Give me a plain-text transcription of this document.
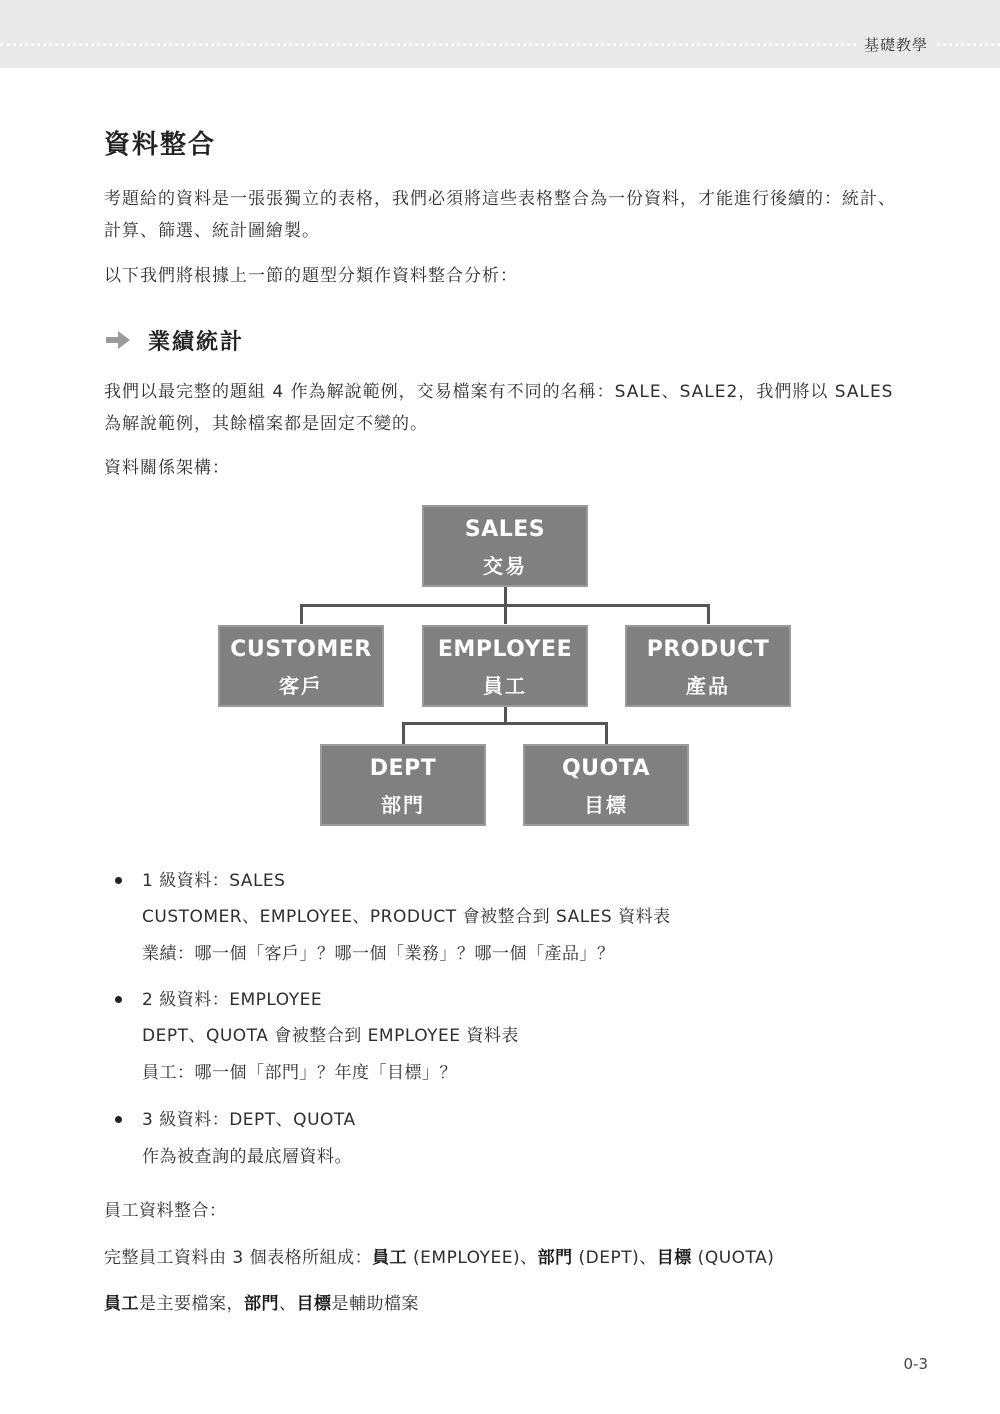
基礎教學
資料整合
考題給的資料是一張張獨立的表格，我們必須將這些表格整合為一份資料，才能進行後續的：統計、計算、篩選、統計圖繪製。
以下我們將根據上一節的題型分類作資料整合分析：
業績統計
我們以最完整的題組 4 作為解說範例，交易檔案有不同的名稱：SALE、SALE2，我們將以 SALES 為解說範例，其餘檔案都是固定不變的。
資料關係架構：
SALES
交易
CUSTOMER
客戶
EMPLOYEE
員工
PRODUCT
產品
DEPT
部門
QUOTA
目標
1 級資料：SALES
CUSTOMER、EMPLOYEE、PRODUCT 會被整合到 SALES 資料表
業績：哪一個「客戶」？哪一個「業務」？哪一個「產品」？
2 級資料：EMPLOYEE
DEPT、QUOTA 會被整合到 EMPLOYEE 資料表
員工：哪一個「部門」？年度「目標」？
3 級資料：DEPT、QUOTA
作為被查詢的最底層資料。
員工資料整合：
完整員工資料由 3 個表格所組成：員工 (EMPLOYEE)、部門 (DEPT)、目標 (QUOTA)
員工是主要檔案，部門、目標是輔助檔案
0-3
